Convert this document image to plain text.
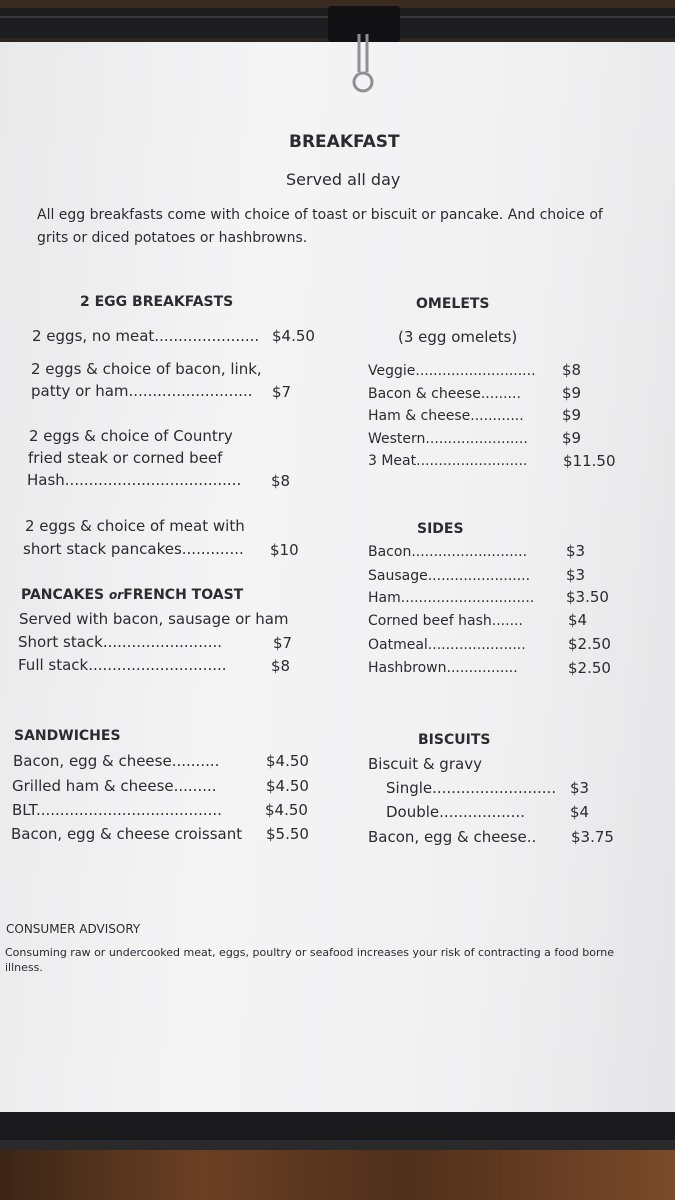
BREAKFAST
Served all day
All egg breakfasts come with choice of toast or biscuit or pancake. And choice of
grits or diced potatoes or hashbrowns.
2 EGG BREAKFASTS
2 eggs, no meat...................... $4.50
2 eggs & choice of bacon, link,
patty or ham.......................... $7
2 eggs & choice of Country
fried steak or corned beef
Hash..................................... $8
2 eggs & choice of meat with
short stack pancakes............. $10
OMELETS
(3 egg omelets)
Veggie........................... $8
Bacon & cheese.........	$9
Ham & cheese............	$9
Western....................... $9
3 Meat......................... $11.50
SIDES
Bacon..........................	$3
Sausage....................... $3
Ham.............................. $3.50
Corned beef hash.......	$4
Oatmeal......................	$2.50
Hashbrown................	$2.50
PANCAKES orFRENCH TOAST
Served with bacon, sausage or ham
Short stack.........................	$7
Full stack.............................	$8
SANDWICHES
Bacon, egg & cheese..........	$4.50
Grilled ham & cheese.........	$4.50
BLT.......................................	$4.50
Bacon, egg & cheese croissant $5.50
BISCUITS
Biscuit & gravy
Single.......................... $3
Double..................	$4
Bacon, egg & cheese.. $3.75
CONSUMER ADVISORY
Consuming raw or undercooked meat, eggs, poultry or seafood increases your risk of contracting a food borne
illness.
